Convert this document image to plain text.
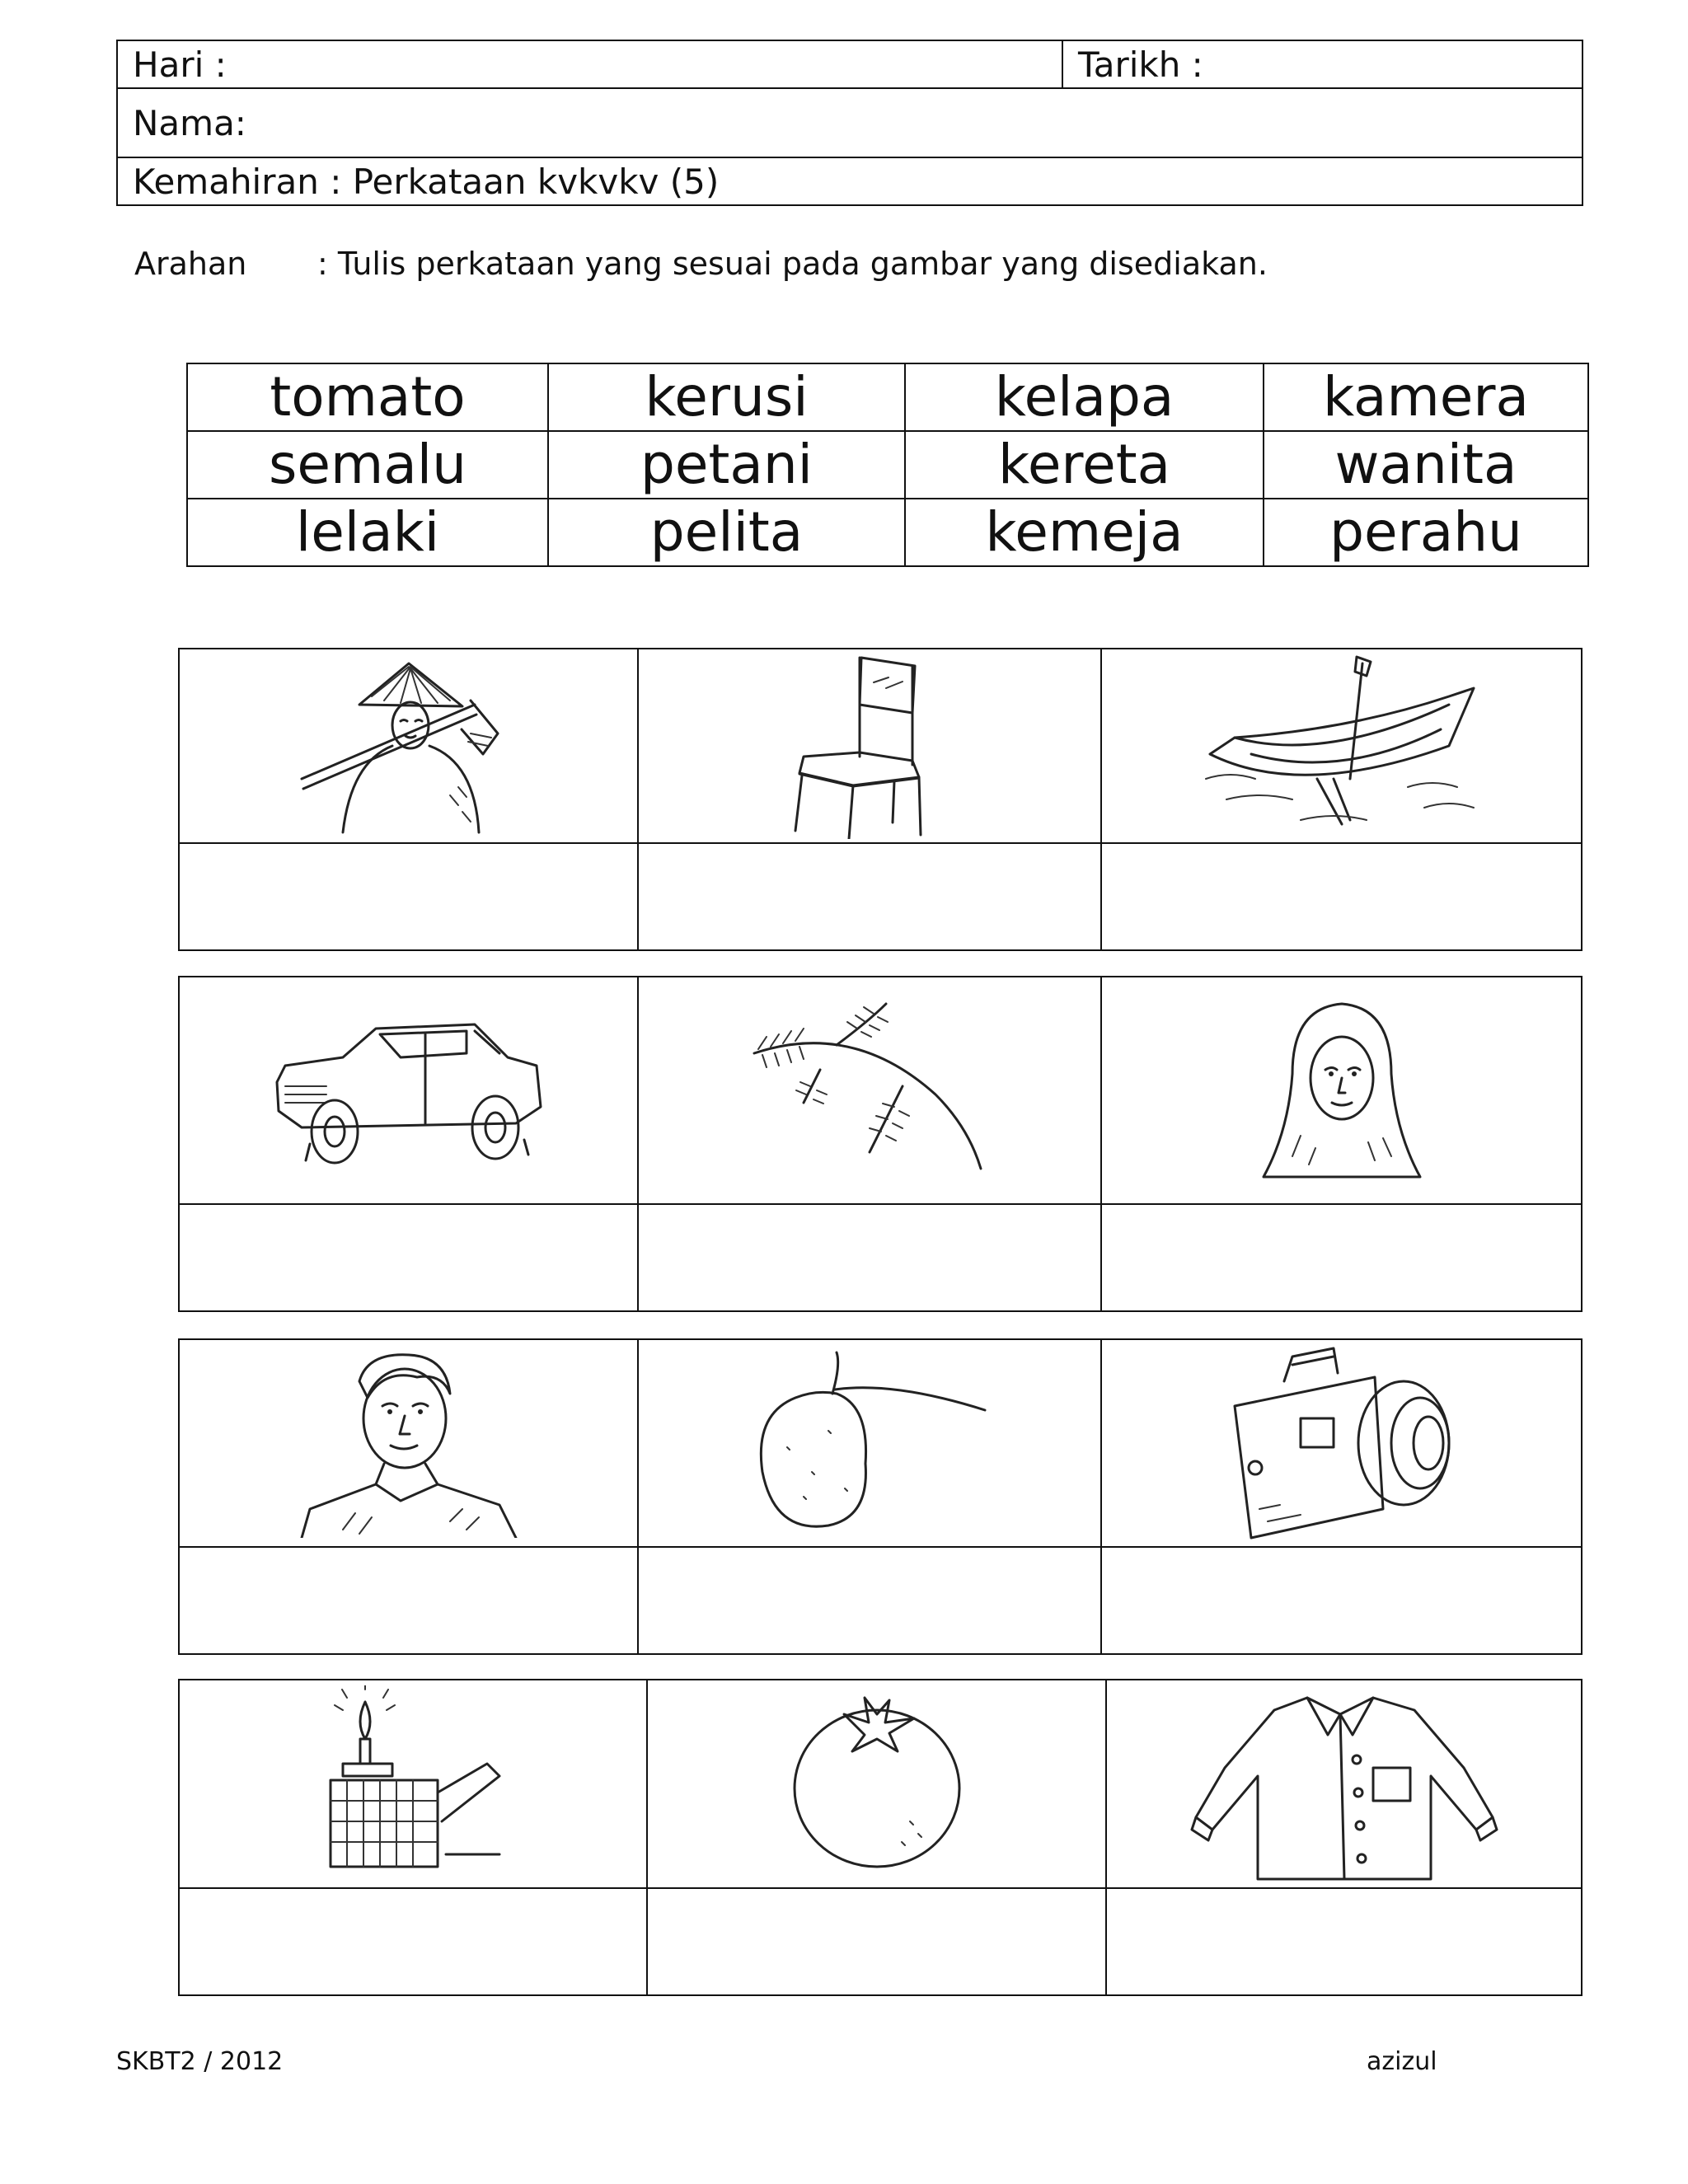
Hari :	Tarikh :
Nama:
Kemahiran : Perkataan kvkvkv (5)
Arahan : Tulis perkataan yang sesuai pada gambar yang disediakan.
tomato	kerusi	kelapa	kamera
semalu	petani	kereta	wanita
lelaki	pelita	kemeja	perahu
SKBT2 / 2012	azizul
